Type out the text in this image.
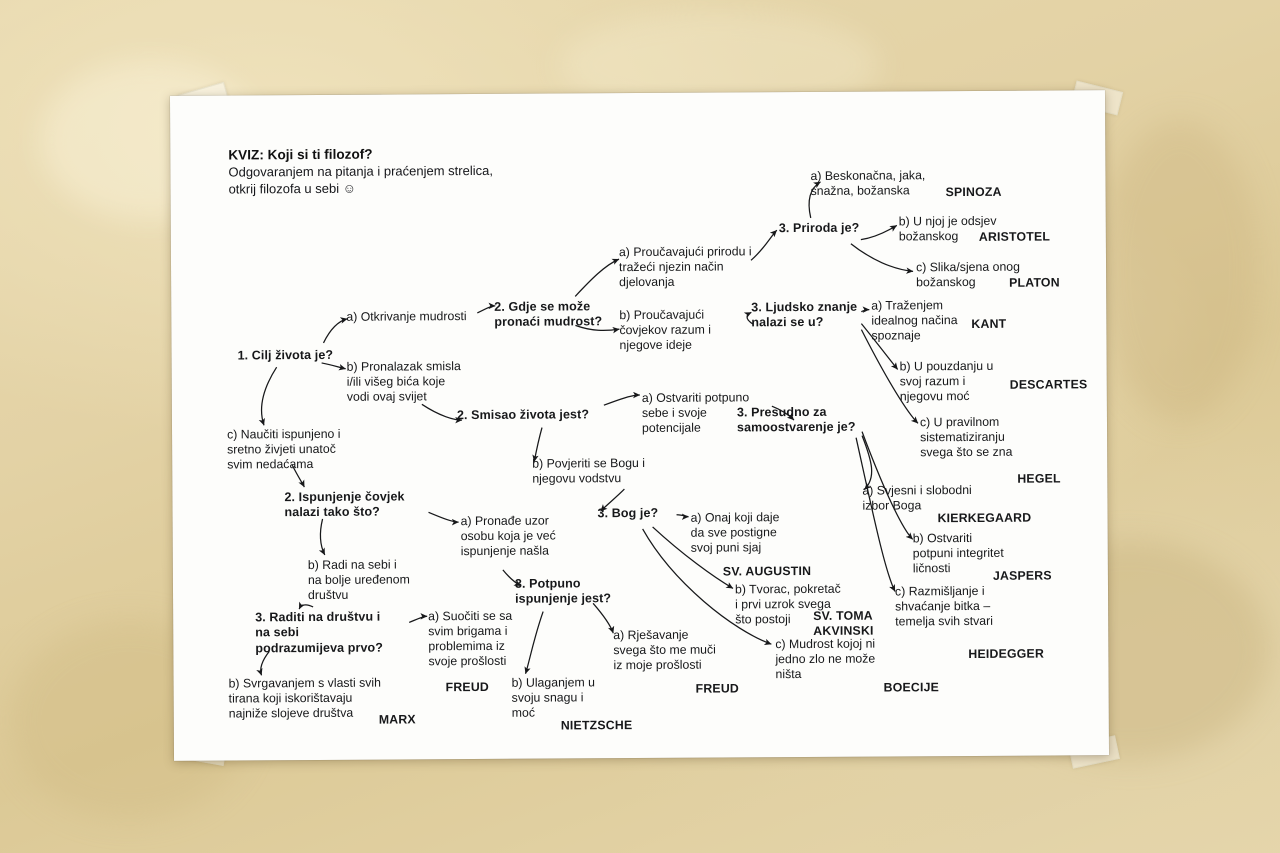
KVIZ: Koji si ti filozof?
Odgovaranjem na pitanja i praćenjem strelica,
otkrij filozofa u sebi ☺
1. Cilj života je?
a) Otkrivanje mudrosti
b) Pronalazak smisla
i/ili višeg bića koje
vodi ovaj svijet
c) Naučiti ispunjeno i
sretno živjeti unatoč
svim nedaćama
2. Gdje se može
pronaći mudrost?
a) Proučavajući prirodu i
tražeći njezin način
djelovanja
b) Proučavajući
čovjekov razum i
njegove ideje
3. Priroda je?
a) Beskonačna, jaka,
snažna, božanska	SPINOZA
b) U njoj je odsjev
božanskog	ARISTOTEL
c) Slika/sjena onog
božanskog	PLATON
3. Ljudsko znanje
nalazi se u?
a) Traženjem
idealnog načina
spoznaje
KANT
b) U pouzdanju u
svoj razum i
njegovu moć
DESCARTES
c) U pravilnom
sistematiziranju
svega što se zna
HEGEL
2. Smisao života jest?
a) Ostvariti potpuno
sebe i svoje
potencijale
b) Povjeriti se Bogu i
njegovu vodstvu
3. Presudno za
samoostvarenje je?
a) Svjesni i slobodni
izbor Boga
KIERKEGAARD
b) Ostvariti
potpuni integritet
ličnosti
JASPERS
c) Razmišljanje i
shvaćanje bitka –
temelja svih stvari
HEIDEGGER
3. Bog je?	a) Onaj koji daje
da sve postigne
svoj puni sjaj
SV. AUGUSTIN
b) Tvorac, pokretač
i prvi uzrok svega
što postoji	SV. TOMA
AKVINSKI
c) Mudrost kojoj ni
jedno zlo ne može
ništa
BOECIJE
2. Ispunjenje čovjek
nalazi tako što?
a) Pronađe uzor
osobu koja je već
ispunjenje našla
b) Radi na sebi i
na bolje uređenom
društvu
3. Raditi na društvu i
na sebi
podrazumijeva prvo?
a) Suočiti se sa
svim brigama i
problemima iz
svoje prošlosti
FREUD
b) Svrgavanjem s vlasti svih
tirana koji iskorištavaju
najniže slojeve društva	MARX
3. Potpuno
ispunjenje jest?
a) Rješavanje
svega što me muči
iz moje prošlosti
FREUD
b) Ulaganjem u
svoju snagu i
moć
NIETZSCHE
